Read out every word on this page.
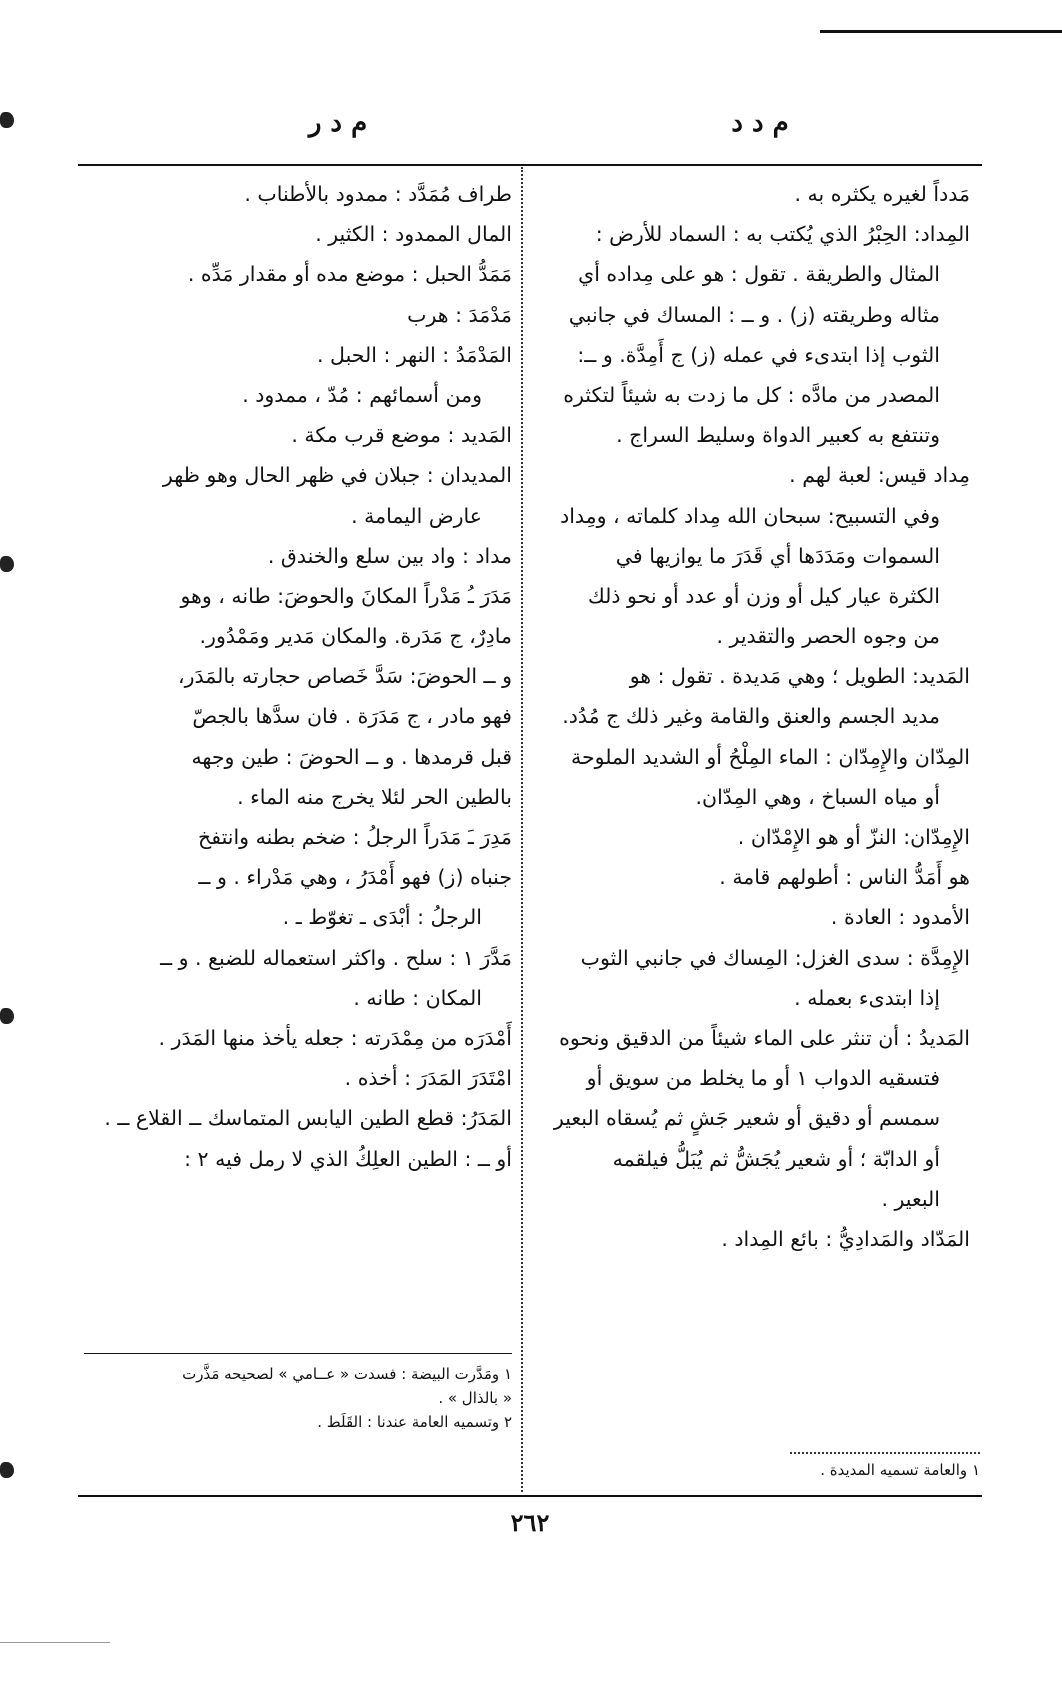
م د د
م د ر
مَدداً لغيره يكثره به .
المِداد: الحِبْرُ الذي يُكتب به : السماد للأرض :
المثال والطريقة . تقول : هو على مِداده أي
مثاله وطريقته (ز) . و ــ : المساك في جانبي
الثوب إذا ابتدىء في عمله (ز) ج أَمِدَّة. و ــ:
المصدر من مادَّه : كل ما زدت به شيئاً لتكثره
وتنتفع به كعبير الدواة وسليط السراج .
مِداد قيس: لعبة لهم .
وفي التسبيح: سبحان الله مِداد كلماته ، ومِداد
السموات ومَدَدَها أي قَدَرَ ما يوازيها في
الكثرة عيار كيل أو وزن أو عدد أو نحو ذلك
من وجوه الحصر والتقدير .
المَديد: الطويل ؛ وهي مَديدة . تقول : هو
مديد الجسم والعنق والقامة وغير ذلك ج مُدُد.
المِدّان والإِمِدّان : الماء المِلْحُ أو الشديد الملوحة
أو مياه السباخ ، وهي المِدّان.
الإِمِدّان: النزّ أو هو الإِمْدّان .
هو أَمَدُّ الناس : أطولهم قامة .
الأمدود : العادة .
الإِمِدَّة : سدى الغزل: المِساك في جانبي الثوب
إذا ابتدىء بعمله .
المَديدُ : أن تنثر على الماء شيئاً من الدقيق ونحوه
فتسقيه الدواب ١ أو ما يخلط من سويق أو
سمسم أو دقيق أو شعير جَشٍ ثم يُسقاه البعير
أو الدابّة ؛ أو شعير يُجَشُّ ثم يُبَلُّ فيلقمه
البعير .
المَدّاد والمَدادِيُّ : بائع المِداد .
طراف مُمَدَّد : ممدود بالأطناب .
المال الممدود : الكثير .
مَمَدُّ الحبل : موضع مده أو مقدار مَدِّه .
مَدْمَدَ : هرب
المَدْمَدُ : النهر : الحبل .
ومن أسمائهم : مُدّ ، ممدود .
المَديد : موضع قرب مكة .
المديدان : جبلان في ظهر الحال وهو ظهر
عارض اليمامة .
مداد : واد بين سلع والخندق .
مَدَرَ ـُ مَدْراً المكانَ والحوضَ: طانه ، وهو
مادِرٌ، ج مَدَرة. والمكان مَدير ومَمْدُور.
و ــ الحوضَ: سَدَّ خَصاص حجارته بالمَدَر،
فهو مادر ، ج مَدَرَة . فان سدَّها بالجصّ
قبل قرمدها . و ــ الحوضَ : طين وجهه
بالطين الحر لئلا يخرج منه الماء .
مَدِرَ ـَ مَدَراً الرجلُ : ضخم بطنه وانتفخ
جنباه (ز) فهو أَمْدَرُ ، وهي مَدْراء . و ــ
الرجلُ : أبْدَى ـ تغوّط ـ .
مَدَّرَ ١ : سلح . واكثر استعماله للضبع . و ــ
المكان : طانه .
أَمْدَرَه من مِمْدَرته : جعله يأخذ منها المَدَر .
امْتَدَرَ المَدَرَ : أخذه .
المَدَرُ: قطع الطين اليابس المتماسك ــ القلاع ــ .
أو ــ : الطين العلِكُ الذي لا رمل فيه ٢ :
١ ومَدَّرت البيضة : فسدت « عــامي » لصحيحه مَذَّرت
« بالذال » .
٢ وتسميه العامة عندنا : القَلَط .
١ والعامة تسميه المديدة .
٢٦٢
